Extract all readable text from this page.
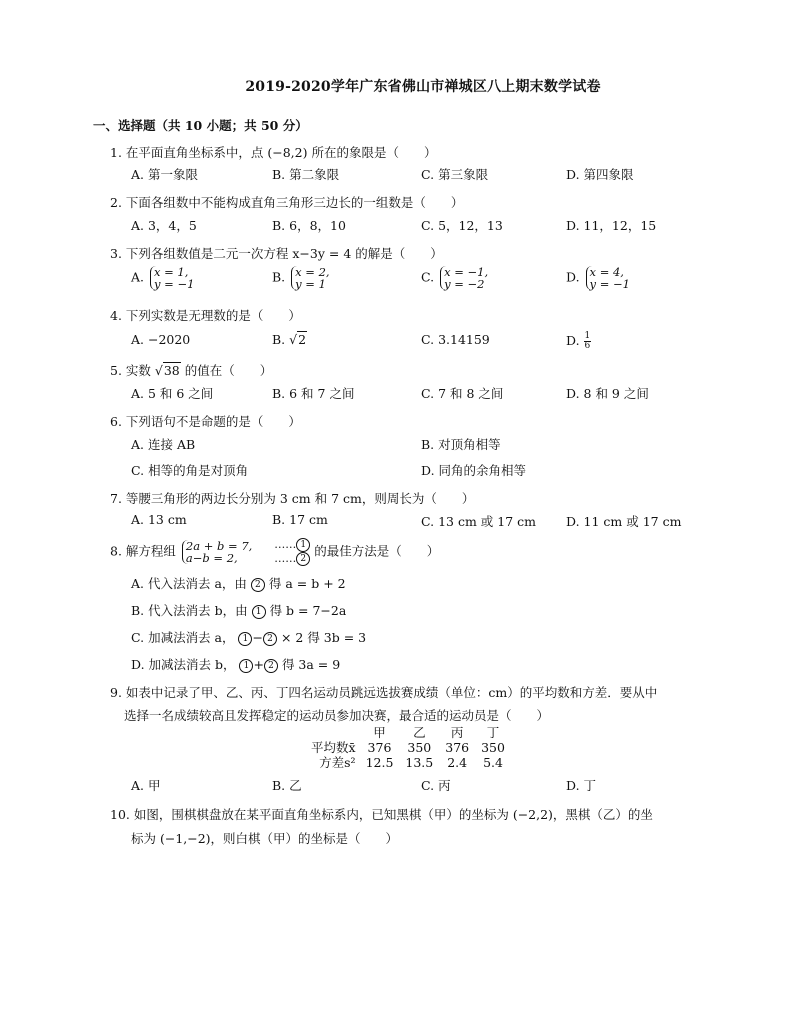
2019-2020学年广东省佛山市禅城区八上期末数学试卷
一、选择题（共 10 小题；共 50 分）
1. 在平面直角坐标系中，点 (−8,2) 所在的象限是（　　）
A. 第一象限	B. 第二象限	C. 第三象限	D. 第四象限
2. 下面各组数中不能构成直角三角形三边长的一组数是（　　）
A. 3，4，5	B. 6，8，10	C. 5，12，13	D. 11，12，15
3. 下列各组数值是二元一次方程 x−3y = 4 的解是（　　）
A. x = 1,
y = −1	B. x = 2,
y = 1	C. x = −1,
y = −2	D. x = 4,
y = −1
4. 下列实数是无理数的是（　　）
A. −2020	B. √2	C. 3.14159	D. $\frac{1}{6}$
5. 实数 √38 的值在（　　）
A. 5 和 6 之间	B. 6 和 7 之间	C. 7 和 8 之间	D. 8 和 9 之间
6. 下列语句不是命题的是（　　）
A. 连接 AB	B. 对顶角相等
C. 相等的角是对顶角	D. 同角的余角相等
7. 等腰三角形的两边长分别为 3 cm 和 7 cm，则周长为（　　）
A. 13 cm	B. 17 cm	C. 13 cm 或 17 cm D. 11 cm 或 17 cm
8. 解方程组 2a + b = 7,
a−b = 2, …… 1
…… 2 的最佳方法是（　　）
A. 代入法消去 a，由 2 得 a = b + 2
B. 代入法消去 b，由 1 得 b = 7−2a
C. 加减法消去 a， 1 − 2 × 2 得 3b = 3
D. 加减法消去 b， 1 + 2 得 3a = 9
9. 如表中记录了甲、乙、丙、丁四名运动员跳远选拔赛成绩（单位：cm）的平均数和方差．要从中
选择一名成绩较高且发挥稳定的运动员参加决赛，最合适的运动员是（　　）
	甲	乙	丙	丁
平均数x̄	376	350	376	350
方差s²	12.5	13.5	2.4	5.4
A. 甲	B. 乙	C. 丙	D. 丁
10. 如图，围棋棋盘放在某平面直角坐标系内，已知黑棋（甲）的坐标为 (−2,2)，黑棋（乙）的坐
标为 (−1,−2)，则白棋（甲）的坐标是（　　）
